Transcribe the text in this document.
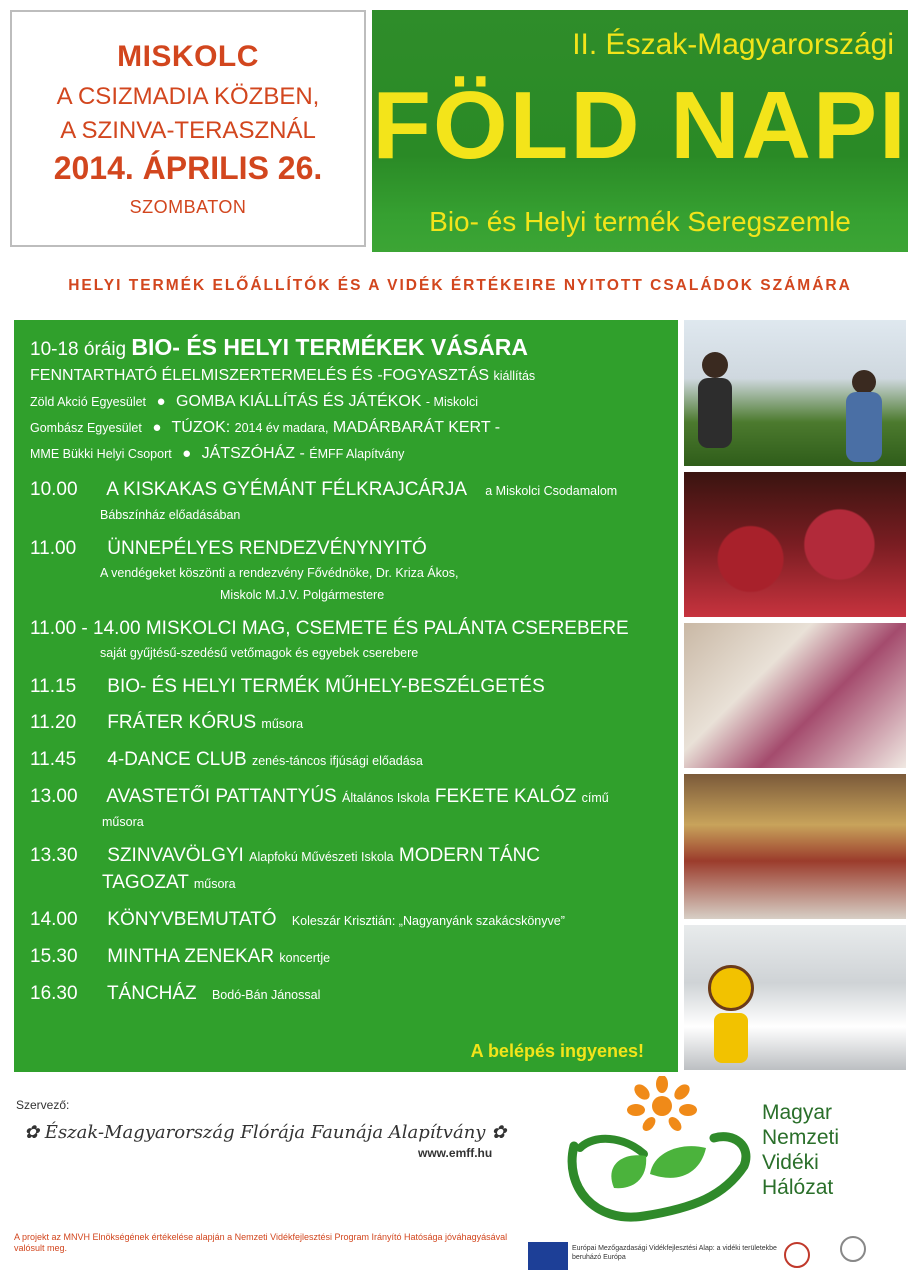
MISKOLC
A CSIZMADIA KÖZBEN,
A SZINVA-TERASZNÁL
2014. ÁPRILIS 26.
SZOMBATON
II. Észak-Magyarországi
FÖLD NAPI
Bio- és Helyi termék Seregszemle
HELYI TERMÉK ELŐÁLLÍTÓK ÉS A VIDÉK ÉRTÉKEIRE NYITOTT CSALÁDOK SZÁMÁRA
10-18 óráig BIO- ÉS HELYI TERMÉKEK VÁSÁRA
FENNTARTHATÓ ÉLELMISZERTERMELÉS ÉS -FOGYASZTÁS kiállítás
Zöld Akció Egyesület ● GOMBA KIÁLLÍTÁS ÉS JÁTÉKOK - Miskolci
Gombász Egyesület ● TÚZOK: 2014 év madara, MADÁRBARÁT KERT -
MME Bükki Helyi Csoport ● JÁTSZÓHÁZ - ÉMFF Alapítvány
10.00 A KISKAKAS GYÉMÁNT FÉLKRAJCÁRJA a Miskolci Csodamalom
Bábszínház előadásában
11.00 ÜNNEPÉLYES RENDEZVÉNYNYITÓ
A vendégeket köszönti a rendezvény Fővédnöke, Dr. Kriza Ákos,
Miskolc M.J.V. Polgármestere
11.00 - 14.00 MISKOLCI MAG, CSEMETE ÉS PALÁNTA CSEREBERE
saját gyűjtésű-szedésű vetőmagok és egyebek cserebere
11.15 BIO- ÉS HELYI TERMÉK MŰHELY-BESZÉLGETÉS
11.20 FRÁTER KÓRUS műsora
11.45 4-DANCE CLUB zenés-táncos ifjúsági előadása
13.00 AVASTETŐI PATTANTYÚS Általános Iskola FEKETE KALÓZ című
műsora
13.30 SZINVAVÖLGYI Alapfokú Művészeti Iskola MODERN TÁNC
TAGOZAT műsora
14.00 KÖNYVBEMUTATÓ Koleszár Krisztián: „Nagyanyánk szakácskönyve”
15.30 MINTHA ZENEKAR koncertje
16.30 TÁNCHÁZ Bodó-Bán Jánossal
A belépés ingyenes!
Szervező:
✿ Észak-Magyarország Flórája Faunája Alapítvány ✿
www.emff.hu
Magyar
Nemzeti
Vidéki
Hálózat
A projekt az MNVH Elnökségének értékelése alapján a Nemzeti Vidékfejlesztési Program Irányító Hatósága jóváhagyásával valósult meg.	Európai Mezőgazdasági Vidékfejlesztési Alap: a vidéki területekbe beruházó Európa
